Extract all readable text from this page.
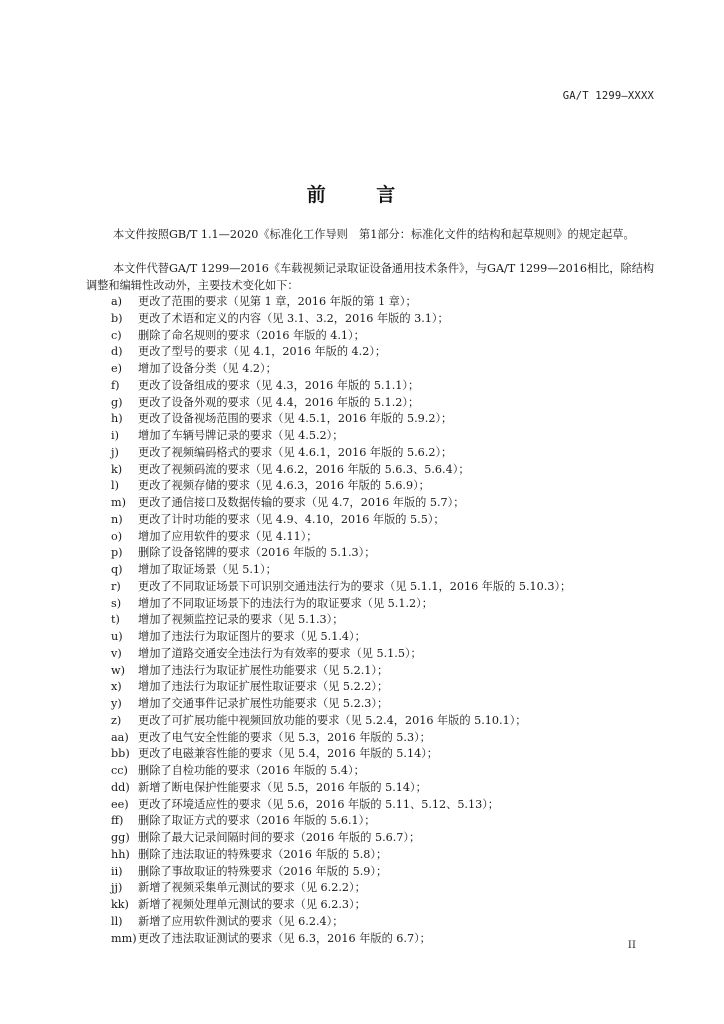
GA/T 1299—XXXX
前 言

本文件按照GB/T 1.1—2020《标准化工作导则　第1部分：标准化文件的结构和起草规则》的规定起草。

本文件代替GA/T 1299—2016《车载视频记录取证设备通用技术条件》，与GA/T 1299—2016相比，除结构调整和编辑性改动外，主要技术变化如下：

a)	更改了范围的要求（见第 1 章，2016 年版的第 1 章）；
b)	更改了术语和定义的内容（见 3.1、3.2，2016 年版的 3.1）；
c)	删除了命名规则的要求（2016 年版的 4.1）；
d)	更改了型号的要求（见 4.1，2016 年版的 4.2）；
e)	增加了设备分类（见 4.2）；
f)	更改了设备组成的要求（见 4.3，2016 年版的 5.1.1）；
g)	更改了设备外观的要求（见 4.4，2016 年版的 5.1.2）；
h)	更改了设备视场范围的要求（见 4.5.1，2016 年版的 5.9.2）；
i)	增加了车辆号牌记录的要求（见 4.5.2）；
j)	更改了视频编码格式的要求（见 4.6.1，2016 年版的 5.6.2）；
k)	更改了视频码流的要求（见 4.6.2，2016 年版的 5.6.3、5.6.4）；
l)	更改了视频存储的要求（见 4.6.3，2016 年版的 5.6.9）；
m)	更改了通信接口及数据传输的要求（见 4.7，2016 年版的 5.7）；
n)	更改了计时功能的要求（见 4.9、4.10，2016 年版的 5.5）；
o)	增加了应用软件的要求（见 4.11）；
p)	删除了设备铭牌的要求（2016 年版的 5.1.3）；
q)	增加了取证场景（见 5.1）；
r)	更改了不同取证场景下可识别交通违法行为的要求（见 5.1.1，2016 年版的 5.10.3）；
s)	增加了不同取证场景下的违法行为的取证要求（见 5.1.2）；
t)	增加了视频监控记录的要求（见 5.1.3）；
u)	增加了违法行为取证图片的要求（见 5.1.4）；
v)	增加了道路交通安全违法行为有效率的要求（见 5.1.5）；
w)	增加了违法行为取证扩展性功能要求（见 5.2.1）；
x)	增加了违法行为取证扩展性取证要求（见 5.2.2）；
y)	增加了交通事件记录扩展性功能要求（见 5.2.3）；
z)	更改了可扩展功能中视频回放功能的要求（见 5.2.4，2016 年版的 5.10.1）；
aa) 更改了电气安全性能的要求（见 5.3，2016 年版的 5.3）；
bb) 更改了电磁兼容性能的要求（见 5.4，2016 年版的 5.14）；
cc) 删除了自检功能的要求（2016 年版的 5.4）；
dd) 新增了断电保护性能要求（见 5.5，2016 年版的 5.14）；
ee) 更改了环境适应性的要求（见 5.6，2016 年版的 5.11、5.12、5.13）；
ff)	删除了取证方式的要求（2016 年版的 5.6.1）；
gg) 删除了最大记录间隔时间的要求（2016 年版的 5.6.7）；
hh) 删除了违法取证的特殊要求（2016 年版的 5.8）；
ii)	删除了事故取证的特殊要求（2016 年版的 5.9）；
jj)	新增了视频采集单元测试的要求（见 6.2.2）；
kk) 新增了视频处理单元测试的要求（见 6.2.3）；
ll)	新增了应用软件测试的要求（见 6.2.4）；
mm) 更改了违法取证测试的要求（见 6.3，2016 年版的 6.7）；
II
